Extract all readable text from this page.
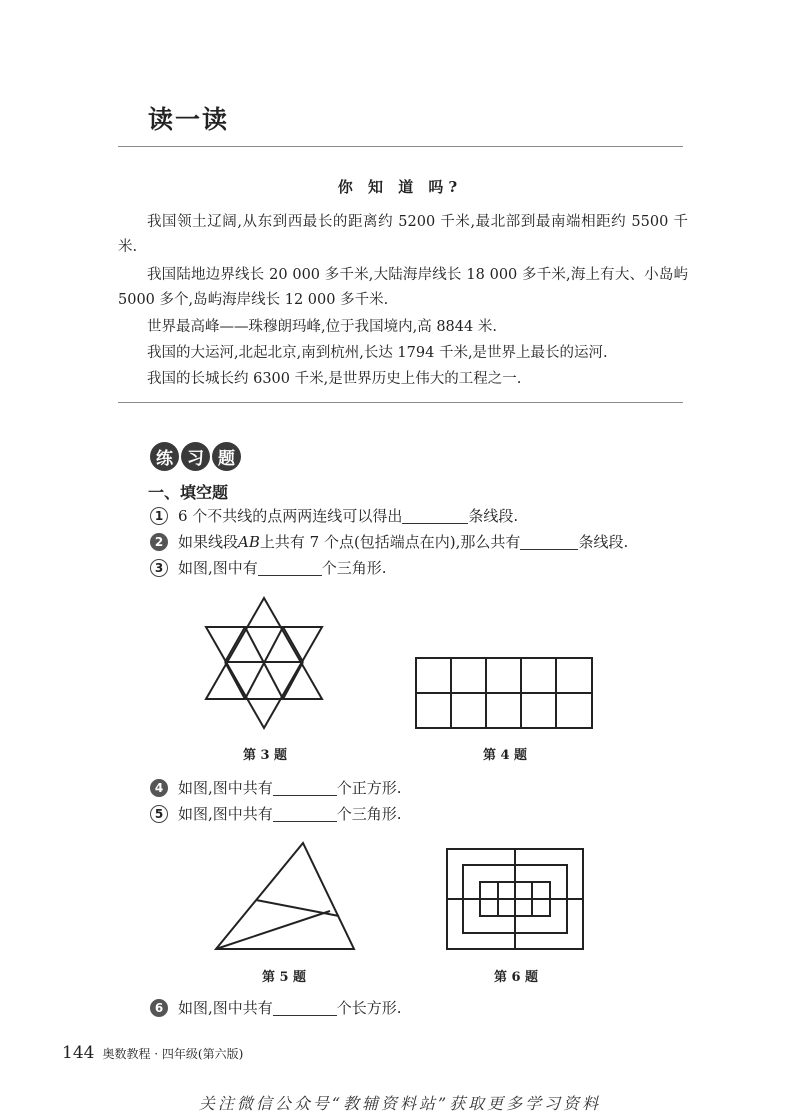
读一读
你 知 道 吗?

我国领土辽阔,从东到西最长的距离约 5200 千米,最北部到最南端相距约 5500 千米.

我国陆地边界线长 20 000 多千米,大陆海岸线长 18 000 多千米,海上有大、小岛屿 5000 多个,岛屿海岸线长 12 000 多千米.

世界最高峰——珠穆朗玛峰,位于我国境内,高 8844 米.

我国的大运河,北起北京,南到杭州,长达 1794 千米,是世界上最长的运河.

我国的长城长约 6300 千米,是世界历史上伟大的工程之一.

练 习 题
一、填空题
1 6 个不共线的点两两连线可以得出	条线段.
2 如果线段 AB 上共有 7 个点(包括端点在内),那么共有	条线段.
3 如图,图中有	个三角形.
第 3 题	第 4 题
4 如图,图中共有	个正方形.
5 如图,图中共有	个三角形.
第 5 题	第 6 题
6 如图,图中共有	个长方形.
144 奥数教程 · 四年级(第六版)
关注微信公众号“教辅资料站”获取更多学习资料
